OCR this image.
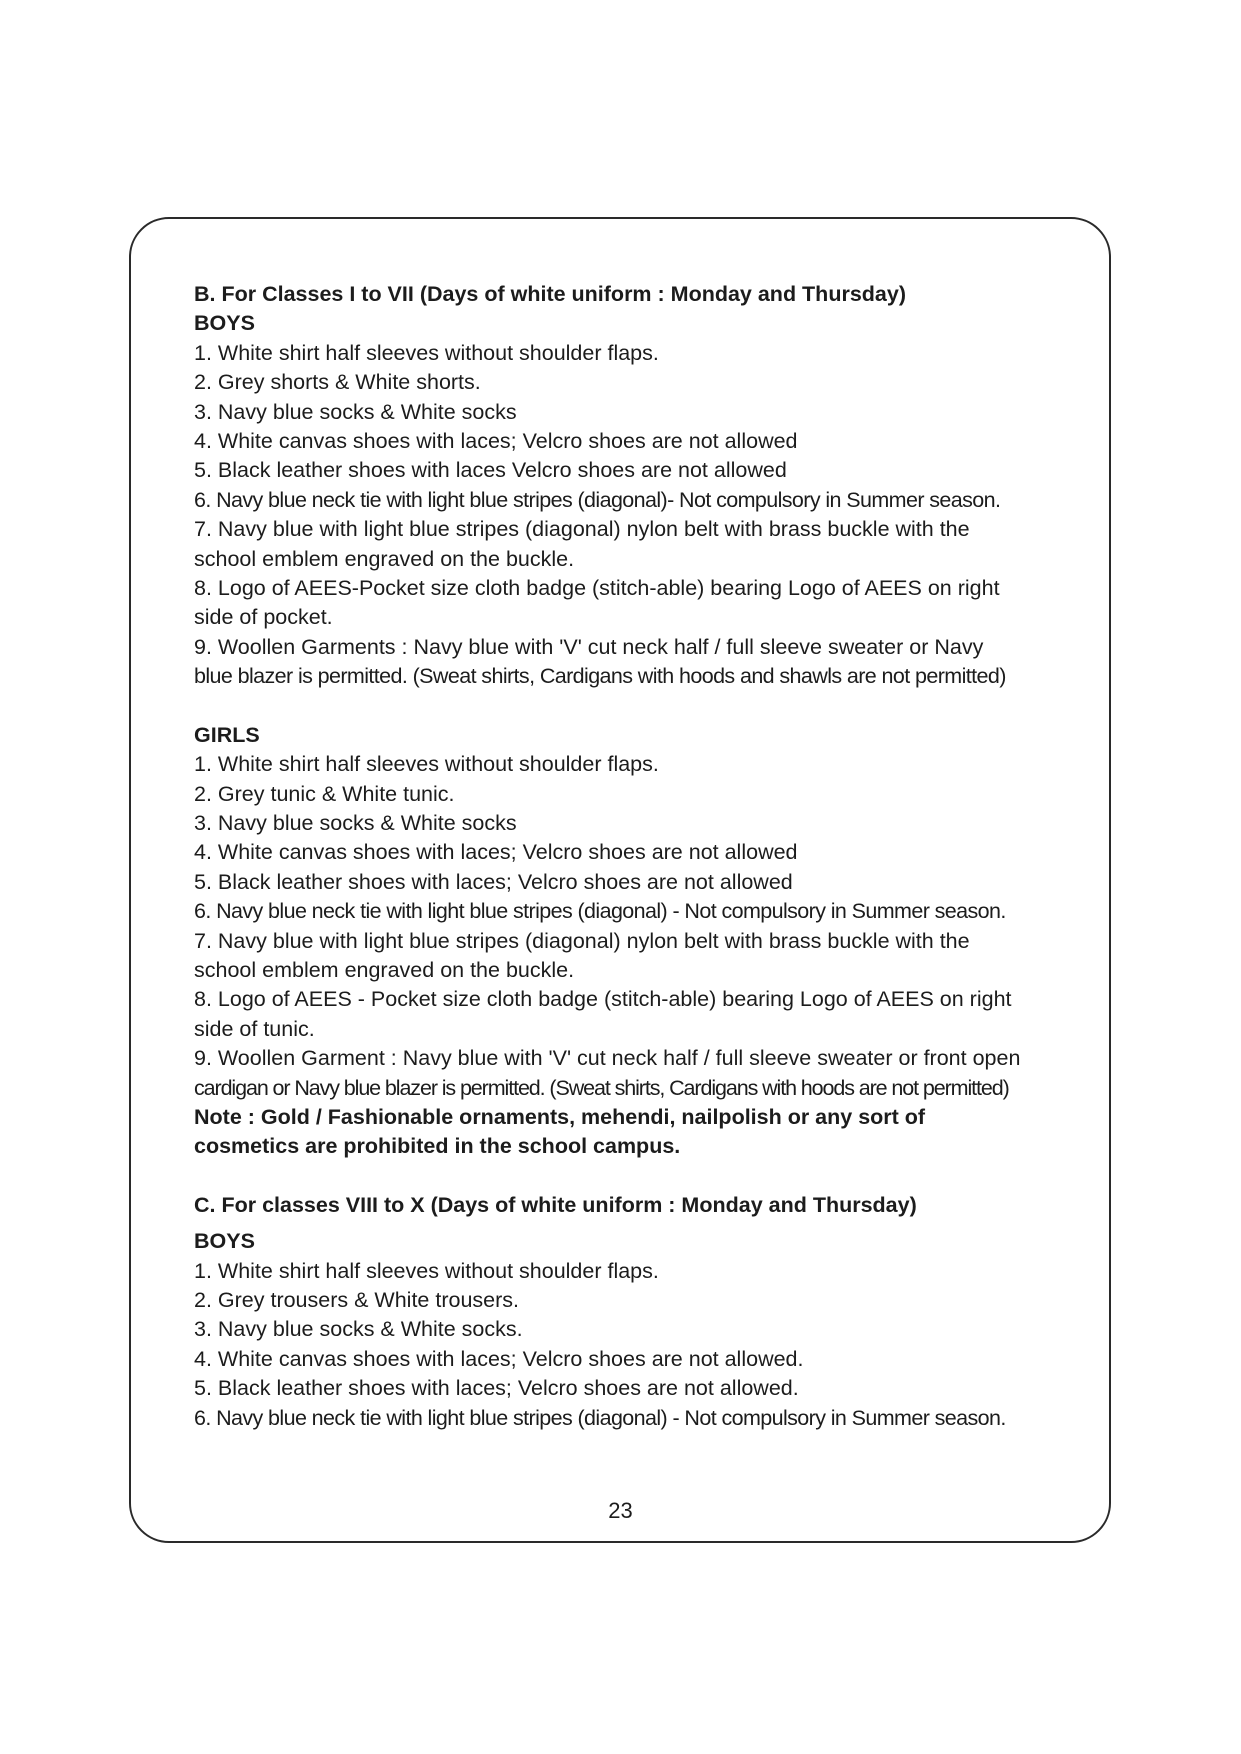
B. For Classes I to VII (Days of white uniform : Monday and Thursday)
BOYS
1. White shirt half sleeves without shoulder flaps.
2. Grey shorts & White shorts.
3. Navy blue socks & White socks
4. White canvas shoes with laces; Velcro shoes are not allowed
5. Black leather shoes with laces Velcro shoes are not allowed
6. Navy blue neck tie with light blue stripes (diagonal)- Not compulsory in Summer season.
7. Navy blue with light blue stripes (diagonal) nylon belt with brass buckle with the
school emblem engraved on the buckle.
8. Logo of AEES-Pocket size cloth badge (stitch-able) bearing Logo of AEES on right
side of pocket.
9. Woollen Garments : Navy blue with 'V' cut neck half / full sleeve sweater or Navy
blue blazer is permitted. (Sweat shirts, Cardigans with hoods and shawls are not permitted)
GIRLS
1. White shirt half sleeves without shoulder flaps.
2. Grey tunic & White tunic.
3. Navy blue socks & White socks
4. White canvas shoes with laces; Velcro shoes are not allowed
5. Black leather shoes with laces; Velcro shoes are not allowed
6. Navy blue neck tie with light blue stripes (diagonal) - Not compulsory in Summer season.
7. Navy blue with light blue stripes (diagonal) nylon belt with brass buckle with the
school emblem engraved on the buckle.
8. Logo of AEES - Pocket size cloth badge (stitch-able) bearing Logo of AEES on right
side of tunic.
9. Woollen Garment : Navy blue with 'V' cut neck half / full sleeve sweater or front open
cardigan or Navy blue blazer is permitted. (Sweat shirts, Cardigans with hoods are not permitted)
Note : Gold / Fashionable ornaments, mehendi, nailpolish or any sort of
cosmetics are prohibited in the school campus.
C. For classes VIII to X (Days of white uniform : Monday and Thursday)
BOYS
1. White shirt half sleeves without shoulder flaps.
2. Grey trousers & White trousers.
3. Navy blue socks & White socks.
4. White canvas shoes with laces; Velcro shoes are not allowed.
5. Black leather shoes with laces; Velcro shoes are not allowed.
6. Navy blue neck tie with light blue stripes (diagonal) - Not compulsory in Summer season.
23
